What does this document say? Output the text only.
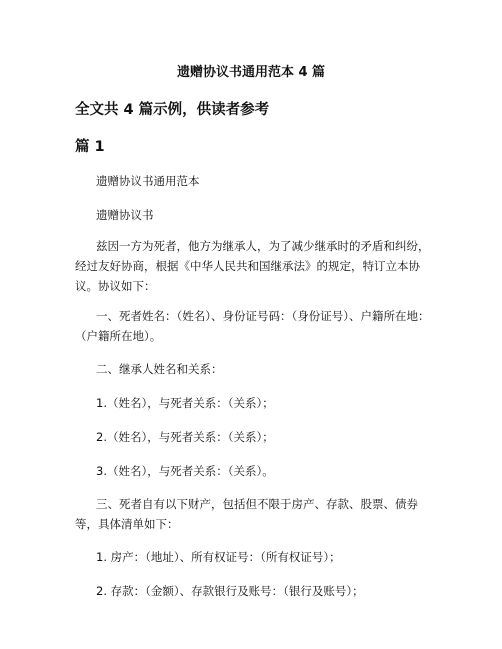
遗赠协议书通用范本 4 篇
全文共 4 篇示例，供读者参考
篇 1
遗赠协议书通用范本
遗赠协议书

兹因一方为死者，他方为继承人，为了减少继承时的矛盾和纠纷，经过友好协商，根据《中华人民共和国继承法》的规定，特订立本协议。协议如下：

一、死者姓名：（姓名）、身份证号码：（身份证号）、户籍所在地：（户籍所在地）。

二、继承人姓名和关系：
1.（姓名），与死者关系：（关系）；
2.（姓名），与死者关系：（关系）；
3.（姓名），与死者关系：（关系）。

三、死者自有以下财产，包括但不限于房产、存款、股票、债券等，具体清单如下：

1. 房产：（地址）、所有权证号：（所有权证号）；
2. 存款：（金额）、存款银行及账号：（银行及账号）；
